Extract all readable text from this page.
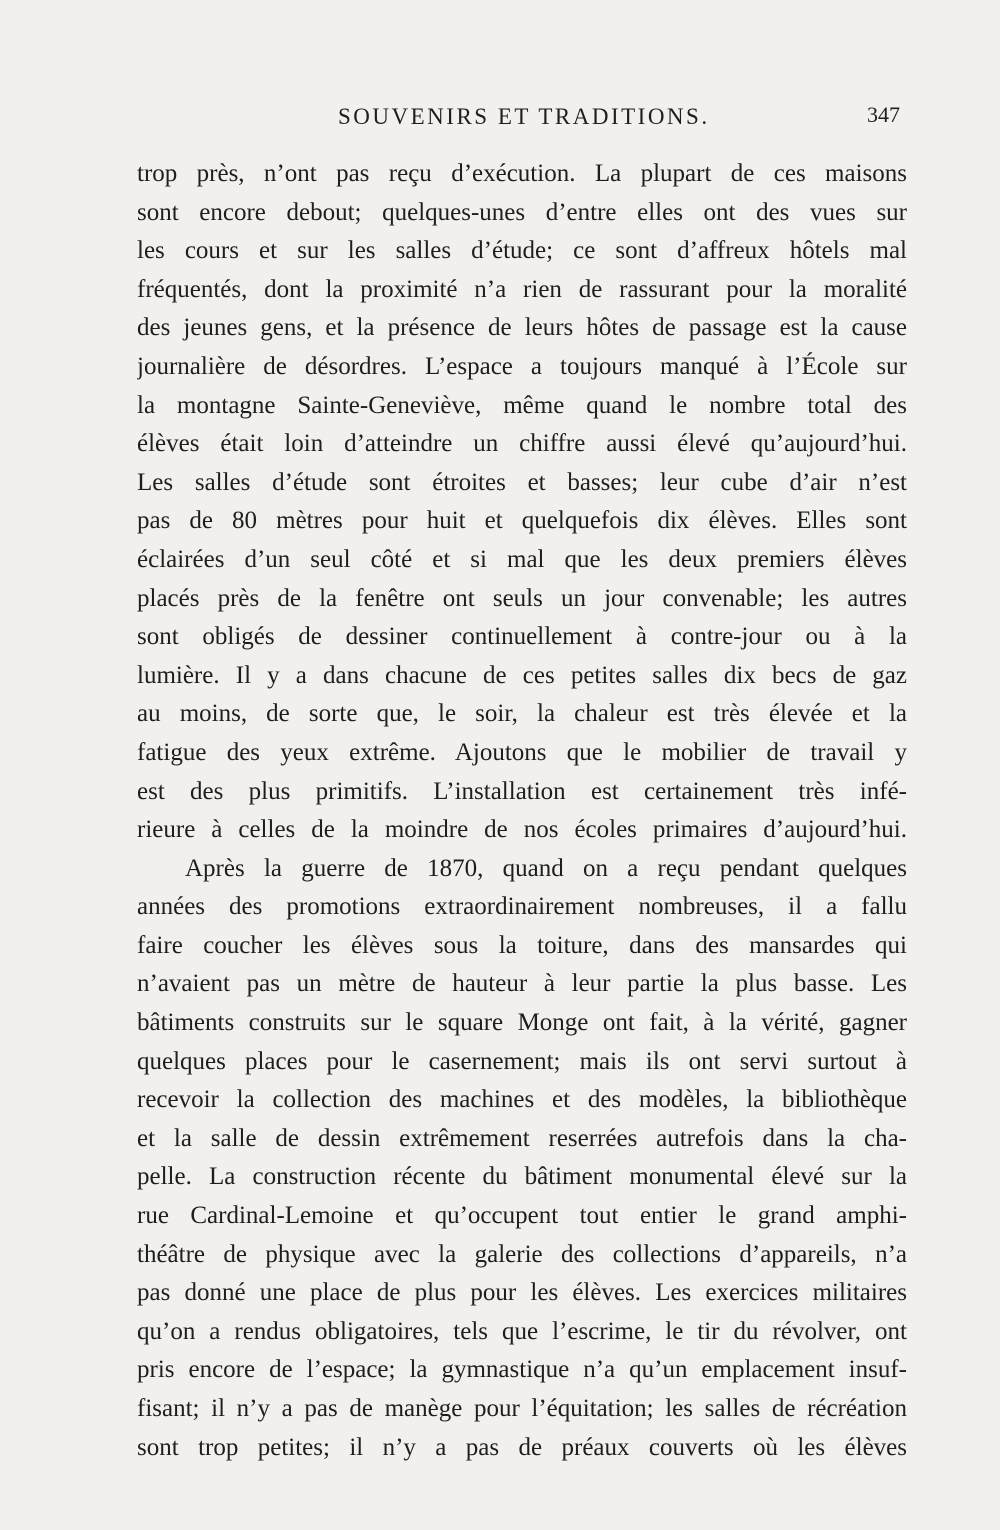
SOUVENIRS ET TRADITIONS.	347
trop près, n’ont pas reçu d’exécution. La plupart de ces maisons
sont encore debout; quelques-unes d’entre elles ont des vues sur
les cours et sur les salles d’étude; ce sont d’affreux hôtels mal
fréquentés, dont la proximité n’a rien de rassurant pour la moralité
des jeunes gens, et la présence de leurs hôtes de passage est la cause
journalière de désordres. L’espace a toujours manqué à l’École sur
la montagne Sainte-Geneviève, même quand le nombre total des
élèves était loin d’atteindre un chiffre aussi élevé qu’aujourd’hui.
Les salles d’étude sont étroites et basses; leur cube d’air n’est
pas de 80 mètres pour huit et quelquefois dix élèves. Elles sont
éclairées d’un seul côté et si mal que les deux premiers élèves
placés près de la fenêtre ont seuls un jour convenable; les autres
sont obligés de dessiner continuellement à contre-jour ou à la
lumière. Il y a dans chacune de ces petites salles dix becs de gaz
au moins, de sorte que, le soir, la chaleur est très élevée et la
fatigue des yeux extrême. Ajoutons que le mobilier de travail y
est des plus primitifs. L’installation est certainement très infé-
rieure à celles de la moindre de nos écoles primaires d’aujourd’hui.
Après la guerre de 1870, quand on a reçu pendant quelques
années des promotions extraordinairement nombreuses, il a fallu
faire coucher les élèves sous la toiture, dans des mansardes qui
n’avaient pas un mètre de hauteur à leur partie la plus basse. Les
bâtiments construits sur le square Monge ont fait, à la vérité, gagner
quelques places pour le casernement; mais ils ont servi surtout à
recevoir la collection des machines et des modèles, la bibliothèque
et la salle de dessin extrêmement reserrées autrefois dans la cha-
pelle. La construction récente du bâtiment monumental élevé sur la
rue Cardinal-Lemoine et qu’occupent tout entier le grand amphi-
théâtre de physique avec la galerie des collections d’appareils, n’a
pas donné une place de plus pour les élèves. Les exercices militaires
qu’on a rendus obligatoires, tels que l’escrime, le tir du révolver, ont
pris encore de l’espace; la gymnastique n’a qu’un emplacement insuf-
fisant; il n’y a pas de manège pour l’équitation; les salles de récréation
sont trop petites; il n’y a pas de préaux couverts où les élèves
